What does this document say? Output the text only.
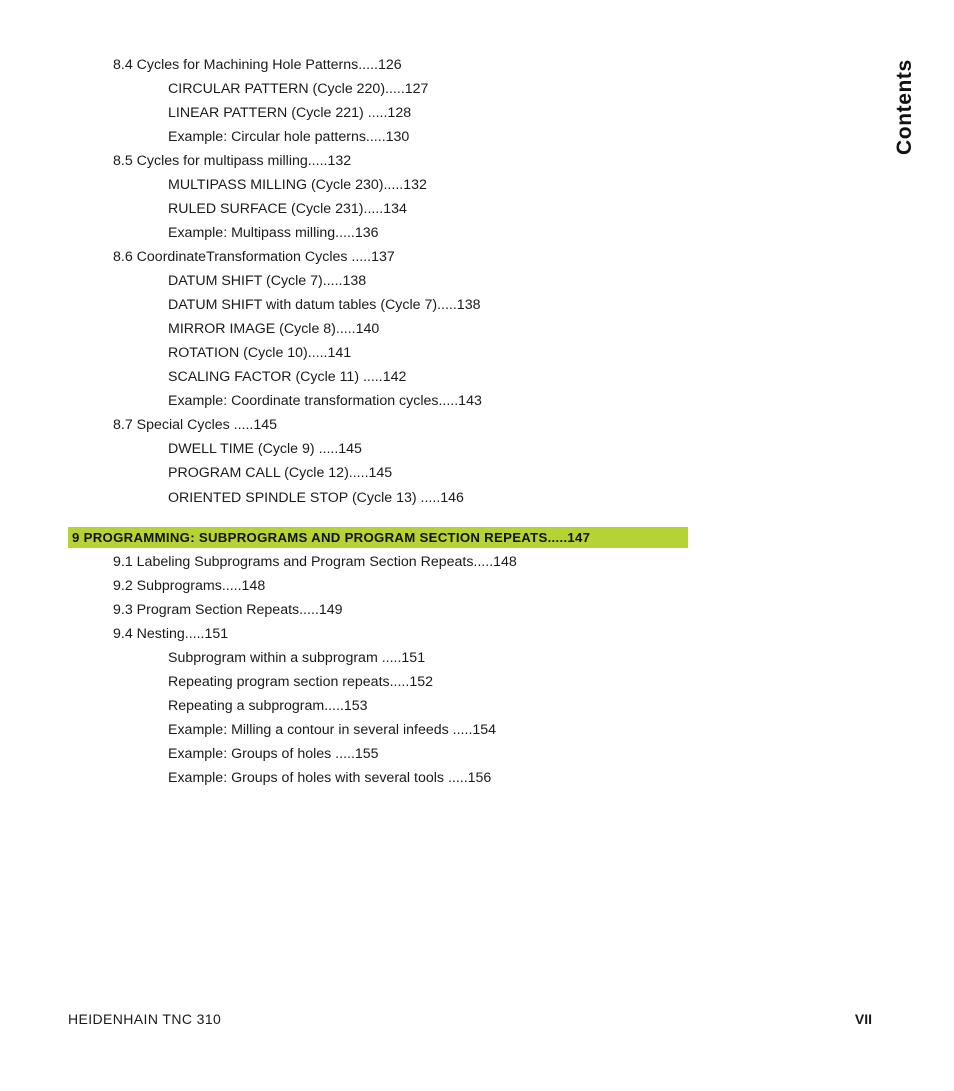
Contents
8.4 Cycles for Machining Hole Patterns.....126
CIRCULAR PATTERN (Cycle 220).....127
LINEAR PATTERN (Cycle 221) .....128
Example: Circular hole patterns.....130
8.5 Cycles for multipass milling.....132
MULTIPASS MILLING (Cycle 230).....132
RULED SURFACE (Cycle 231).....134
Example: Multipass milling.....136
8.6 CoordinateTransformation Cycles .....137
DATUM SHIFT (Cycle 7).....138
DATUM SHIFT with datum tables (Cycle 7).....138
MIRROR IMAGE (Cycle 8).....140
ROTATION (Cycle 10).....141
SCALING FACTOR (Cycle 11) .....142
Example: Coordinate transformation cycles.....143
8.7 Special Cycles .....145
DWELL TIME (Cycle 9) .....145
PROGRAM CALL (Cycle 12).....145
ORIENTED SPINDLE STOP (Cycle 13) .....146
9 PROGRAMMING: SUBPROGRAMS AND PROGRAM SECTION REPEATS.....147
9.1 Labeling Subprograms and Program Section Repeats.....148
9.2 Subprograms.....148
9.3 Program Section Repeats.....149
9.4 Nesting.....151
Subprogram within a subprogram .....151
Repeating program section repeats.....152
Repeating a subprogram.....153
Example: Milling a contour in several infeeds .....154
Example: Groups of holes .....155
Example: Groups of holes with several tools .....156
HEIDENHAIN TNC 310	VII
